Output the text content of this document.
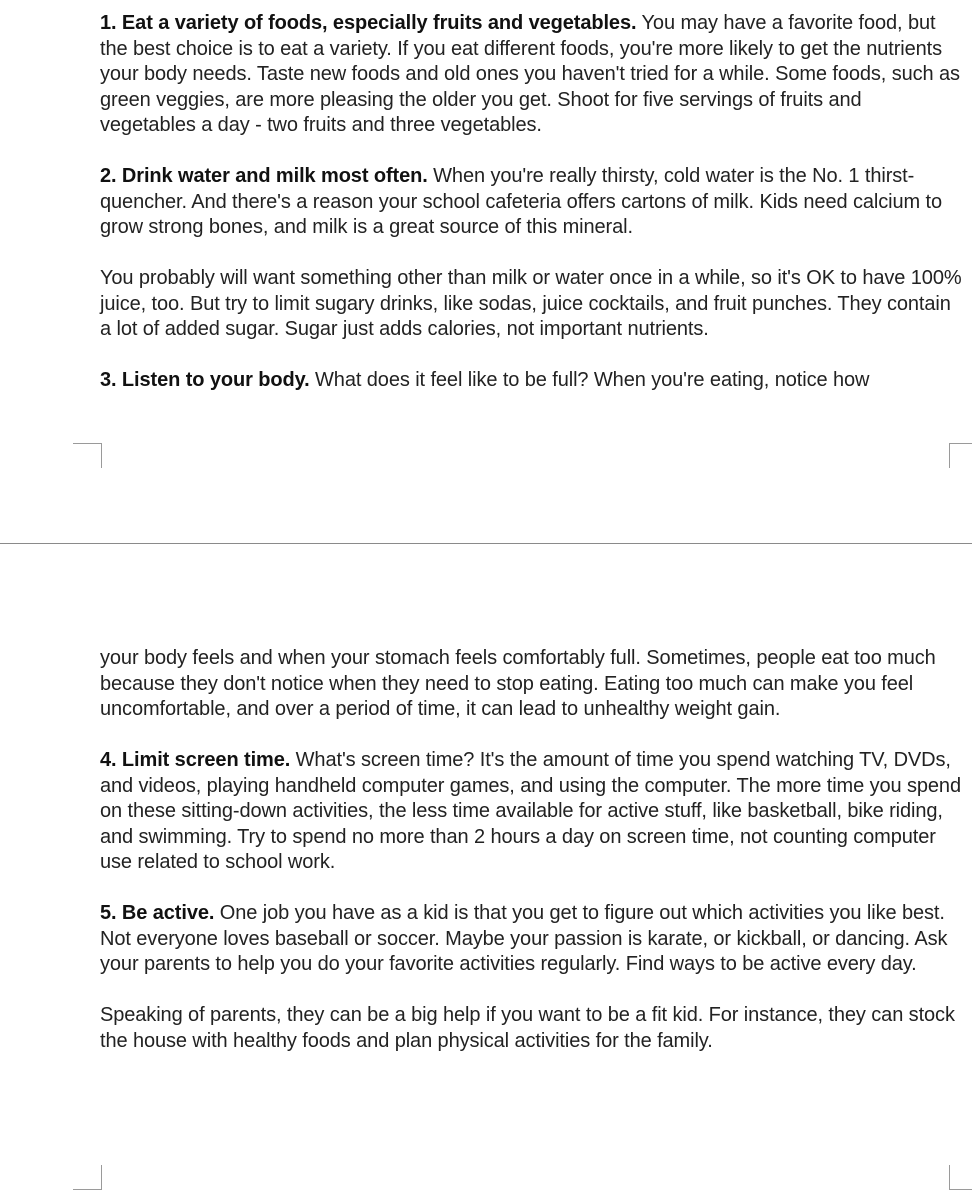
1. Eat a variety of foods, especially fruits and vegetables. You may have a favorite food, but the best choice is to eat a variety. If you eat different foods, you're more likely to get the nutrients your body needs. Taste new foods and old ones you haven't tried for a while. Some foods, such as green veggies, are more pleasing the older you get. Shoot for five servings of fruits and vegetables a day - two fruits and three vegetables.

2. Drink water and milk most often. When you're really thirsty, cold water is the No. 1 thirst-quencher. And there's a reason your school cafeteria offers cartons of milk. Kids need calcium to grow strong bones, and milk is a great source of this mineral.

You probably will want something other than milk or water once in a while, so it's OK to have 100% juice, too. But try to limit sugary drinks, like sodas, juice cocktails, and fruit punches. They contain a lot of added sugar. Sugar just adds calories, not important nutrients.

3. Listen to your body. What does it feel like to be full? When you're eating, notice how

your body feels and when your stomach feels comfortably full. Sometimes, people eat too much because they don't notice when they need to stop eating. Eating too much can make you feel uncomfortable, and over a period of time, it can lead to unhealthy weight gain.

4. Limit screen time. What's screen time? It's the amount of time you spend watching TV, DVDs, and videos, playing handheld computer games, and using the computer. The more time you spend on these sitting-down activities, the less time available for active stuff, like basketball, bike riding, and swimming. Try to spend no more than 2 hours a day on screen time, not counting computer use related to school work.

5. Be active. One job you have as a kid is that you get to figure out which activities you like best. Not everyone loves baseball or soccer. Maybe your passion is karate, or kickball, or dancing. Ask your parents to help you do your favorite activities regularly. Find ways to be active every day.

Speaking of parents, they can be a big help if you want to be a fit kid. For instance, they can stock the house with healthy foods and plan physical activities for the family.
